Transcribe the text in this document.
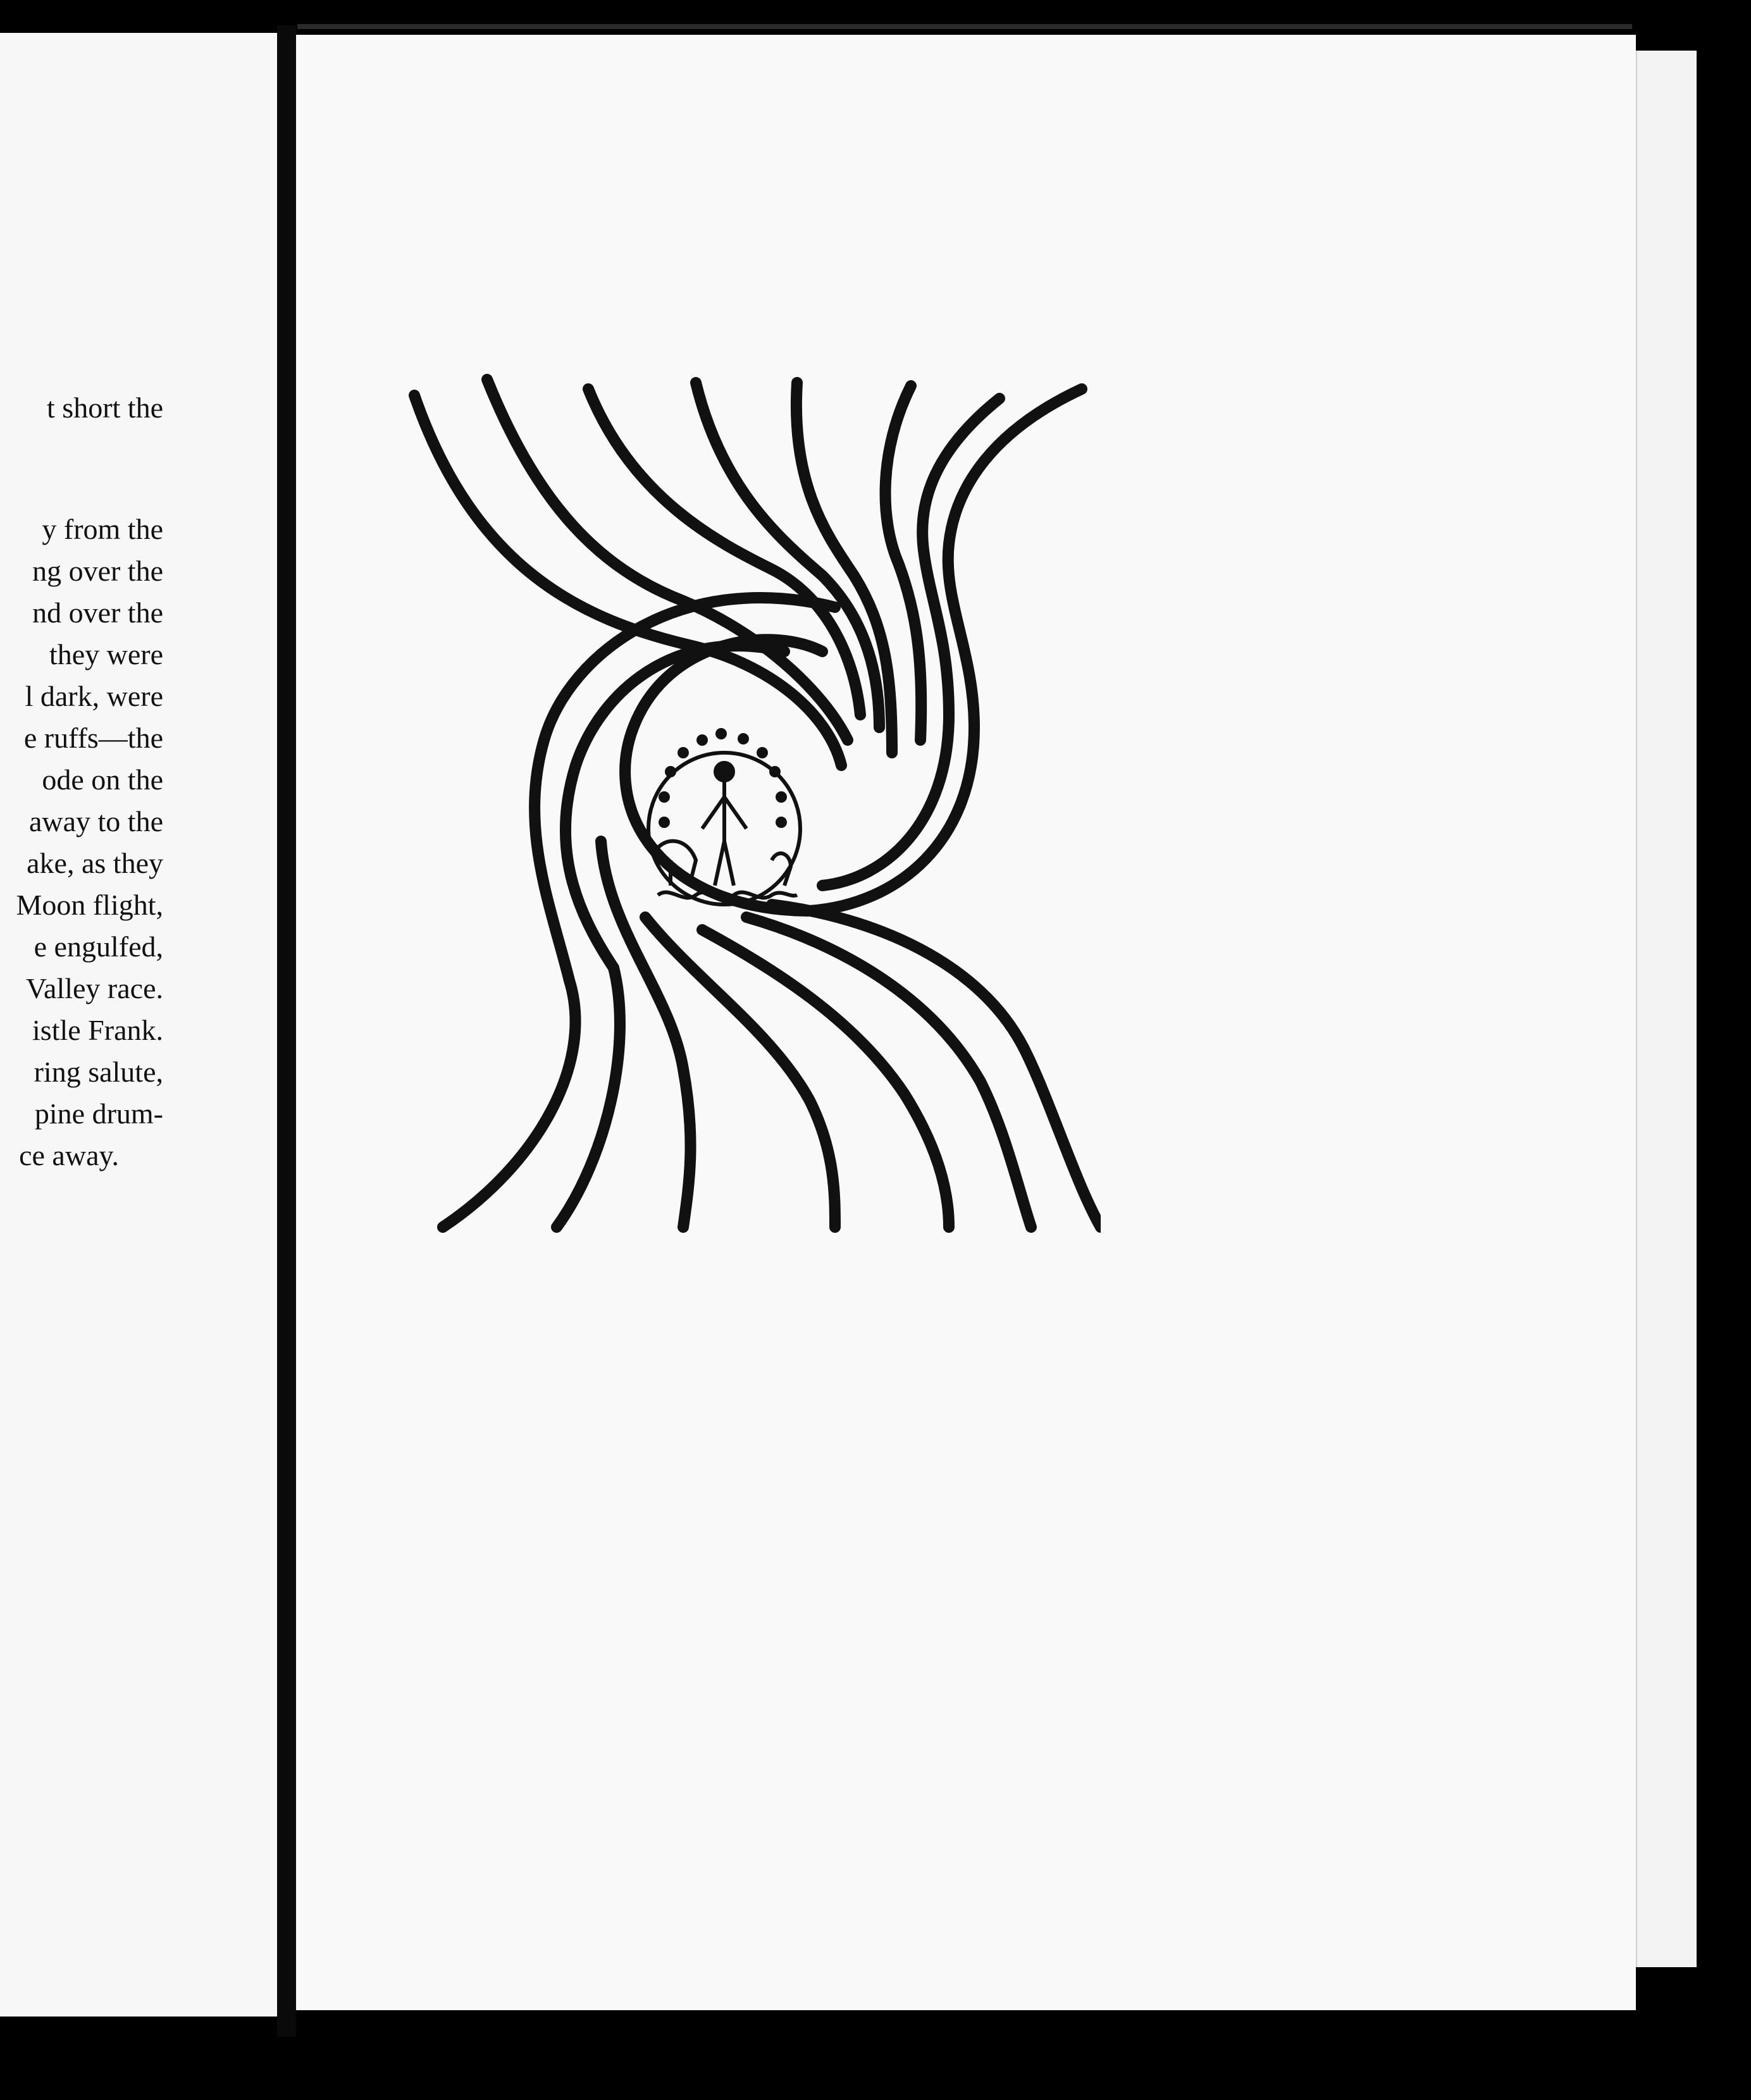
t short the
y from the
ng over the
nd over the
they were
l dark, were
e ruffs—the
ode on the
away to the
ake, as they
Moon flight,
e engulfed,
Valley race.
istle Frank.
ring salute,
pine drum-
ce away.
